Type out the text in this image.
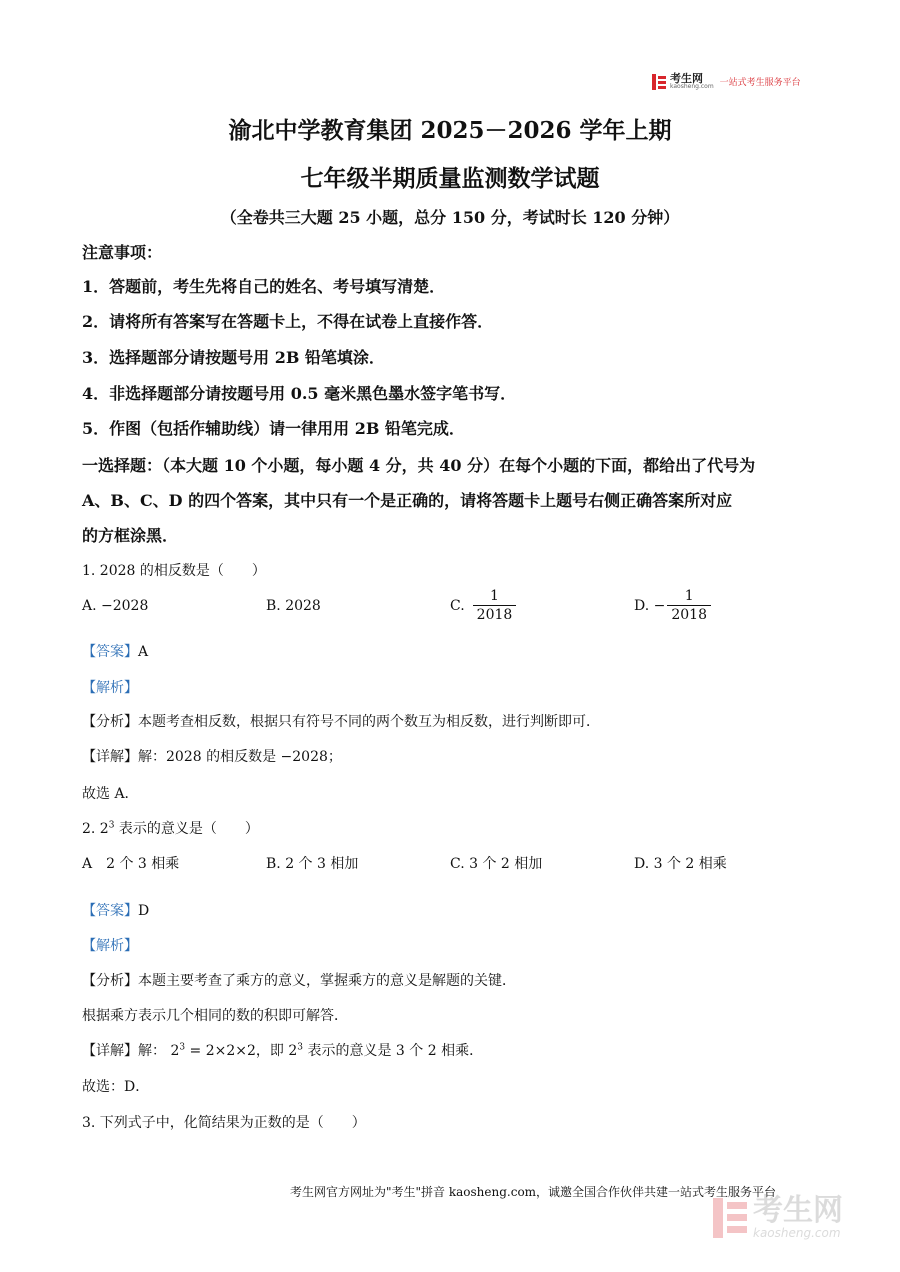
考生网
kaosheng.com 一站式考生服务平台
渝北中学教育集团 2025－2026 学年上期
七年级半期质量监测数学试题
（全卷共三大题 25 小题，总分 150 分，考试时长 120 分钟）
注意事项：
1．答题前，考生先将自己的姓名、考号填写清楚．
2．请将所有答案写在答题卡上，不得在试卷上直接作答．
3．选择题部分请按题号用 2B 铅笔填涂．
4．非选择题部分请按题号用 0.5 毫米黑色墨水签字笔书写．
5．作图（包括作辅助线）请一律用用 2B 铅笔完成．
一选择题：（本大题 10 个小题，每小题 4 分，共 40 分）在每个小题的下面，都给出了代号为
A、B、C、D 的四个答案，其中只有一个是正确的，请将答题卡上题号右侧正确答案所对应
的方框涂黑．
1. 2028 的相反数是（　　）
A. −2028	B. 2028	C. $\frac{1}{2018}$	D. − $\frac{1}{2018}$
【答案】A
【解析】
【分析】本题考查相反数，根据只有符号不同的两个数互为相反数，进行判断即可．
【详解】解：2028 的相反数是 −2028；
故选 A．
2. $2^3$ 表示的意义是（　　）
A　2 个 3 相乘	B. 2 个 3 相加	C. 3 个 2 相加	D. 3 个 2 相乘
【答案】D
【解析】
【分析】本题主要考查了乘方的意义，掌握乘方的意义是解题的关键．
根据乘方表示几个相同的数的积即可解答．
【详解】解： $2^3 = 2\times 2\times 2$，即 $2^3$ 表示的意义是 3 个 2 相乘．
故选：D．
3. 下列式子中，化简结果为正数的是（　　）
考生网官方网址为"考生"拼音 kaosheng.com，诚邀全国合作伙伴共建一站式考生服务平台
考生网
kaosheng.com
